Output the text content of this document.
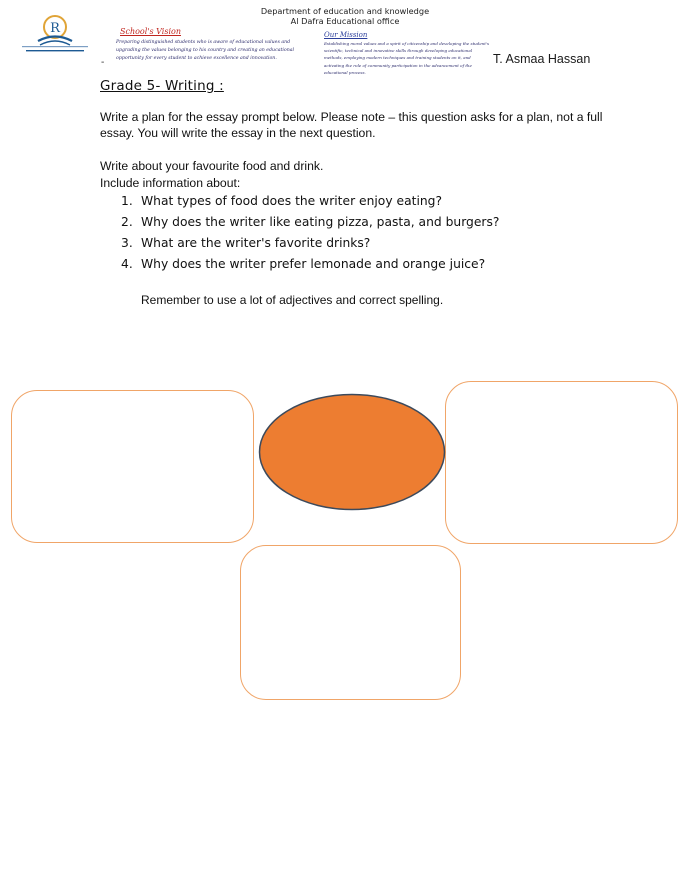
Department of education and knowledge
Al Dafra Educational office
R	School's Vision
Preparing distinguished students who is aware of educational values and upgrading the values belonging to his country and creating an educational opportunity for every student to achieve excellence and innovation.
Our Mission
Establishing moral values and a spirit of citizenship and developing the student's scientific, technical and innovative skills through developing educational methods, employing modern techniques and training students on it, and activating the role of community participation in the advancement of the educational process.
-	T. Asmaa Hassan
Grade 5- Writing :
Write a plan for the essay prompt below. Please note – this question asks for a plan, not a full essay. You will write the essay in the next question.
Write about your favourite food and drink.
Include information about:
1. What types of food does the writer enjoy eating?
2. Why does the writer like eating pizza, pasta, and burgers?
3. What are the writer's favorite drinks?
4. Why does the writer prefer lemonade and orange juice?
Remember to use a lot of adjectives and correct spelling.
